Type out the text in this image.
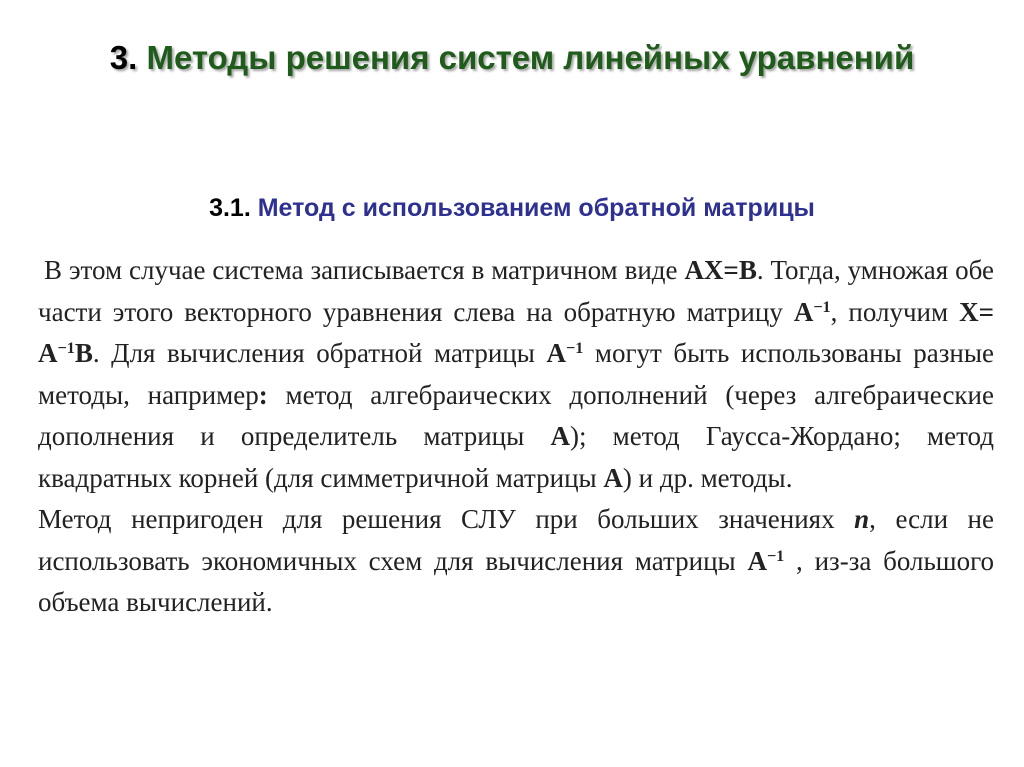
3. Методы решения систем линейных уравнений
3.1. Метод с использованием обратной матрицы

В этом случае система записывается в матричном виде AX=B. Тогда, умножая обе части этого векторного уравнения слева на обратную матрицу $A^{-1}$, получим $X= A^{-1}B$. Для вычисления обратной матрицы $A^{-1}$ могут быть использованы разные методы, например: метод алгебраических дополнений (через алгебраические дополнения и определитель матрицы A); метод Гаусса-Жордано; метод квадратных корней (для симметричной матрицы A) и др. методы.

Метод непригоден для решения СЛУ при больших значениях n, если не использовать экономичных схем для вычисления матрицы $A^{-1}$ , из-за большого объема вычислений.
